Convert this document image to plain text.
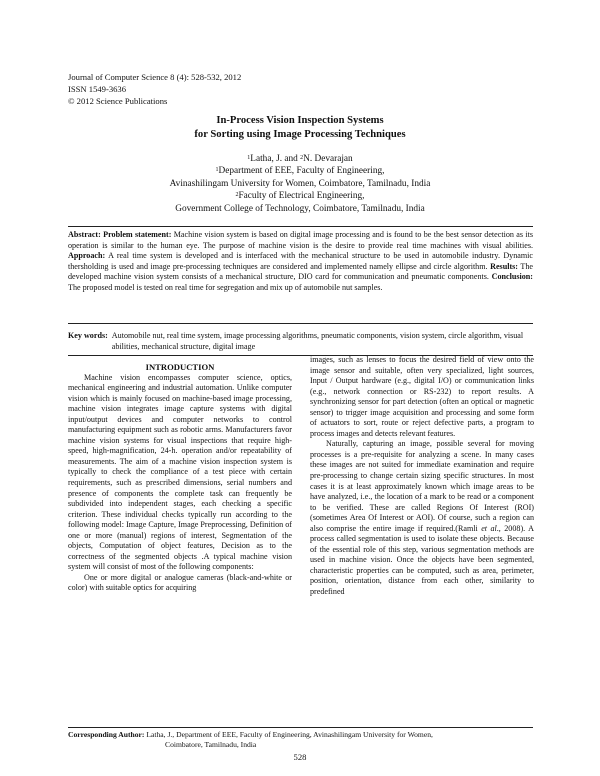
Journal of Computer Science 8 (4): 528-532, 2012
ISSN 1549-3636
© 2012 Science Publications
In-Process Vision Inspection Systems
for Sorting using Image Processing Techniques
$^1$Latha, J. and $^2$N. Devarajan
$^1$Department of EEE, Faculty of Engineering,
Avinashilingam University for Women, Coimbatore, Tamilnadu, India
$^2$Faculty of Electrical Engineering,
Government College of Technology, Coimbatore, Tamilnadu, India
Abstract: Problem statement: Machine vision system is based on digital image processing and is found to be the best sensor detection as its operation is similar to the human eye. The purpose of machine vision is the desire to provide real time machines with visual abilities. Approach: A real time system is developed and is interfaced with the mechanical structure to be used in automobile industry. Dynamic thersholding is used and image pre-processing techniques are considered and implemented namely ellipse and circle algorithm. Results: The developed machine vision system consists of a mechanical structure, DIO card for communication and pneumatic components. Conclusion: The proposed model is tested on real time for segregation and mix up of automobile nut samples.
Key words: Automobile nut, real time system, image processing algorithms, pneumatic components, vision system, circle algorithm, visual abilities, mechanical structure, digital image

INTRODUCTION

Machine vision encompasses computer science, optics, mechanical engineering and industrial automation. Unlike computer vision which is mainly focused on machine-based image processing, machine vision integrates image capture systems with digital input/output devices and computer networks to control manufacturing equipment such as robotic arms. Manufacturers favor machine vision systems for visual inspections that require high-speed, high-magnification, 24-h. operation and/or repeatability of measurements. The aim of a machine vision inspection system is typically to check the compliance of a test piece with certain requirements, such as prescribed dimensions, serial numbers and presence of components the complete task can frequently be subdivided into independent stages, each checking a specific criterion. These individual checks typically run according to the following model: Image Capture, Image Preprocessing, Definition of one or more (manual) regions of interest, Segmentation of the objects, Computation of object features, Decision as to the correctness of the segmented objects .A typical machine vision system will consist of most of the following components:

One or more digital or analogue cameras (black-and-white or color) with suitable optics for acquiring

images, such as lenses to focus the desired field of view onto the image sensor and suitable, often very specialized, light sources, Input / Output hardware (e.g., digital I/O) or communication links (e.g., network connection or RS-232) to report results. A synchronizing sensor for part detection (often an optical or magnetic sensor) to trigger image acquisition and processing and some form of actuators to sort, route or reject defective parts, a program to process images and detects relevant features.

Naturally, capturing an image, possible several for moving processes is a pre-requisite for analyzing a scene. In many cases these images are not suited for immediate examination and require pre-processing to change certain sizing specific structures. In most cases it is at least approximately known which image areas to be have analyzed, i.e., the location of a mark to be read or a component to be verified. These are called Regions Of Interest (ROI) (sometimes Area Of Interest or AOI). Of course, such a region can also comprise the entire image if required.(Ramli et al., 2008). A process called segmentation is used to isolate these objects. Because of the essential role of this step, various segmentation methods are used in machine vision. Once the objects have been segmented, characteristic properties can be computed, such as area, perimeter, position, orientation, distance from each other, similarity to predefined

Corresponding Author: Latha, J., Department of EEE, Faculty of Engineering, Avinashilingam University for Women,
Coimbatore, Tamilnadu, India
528
